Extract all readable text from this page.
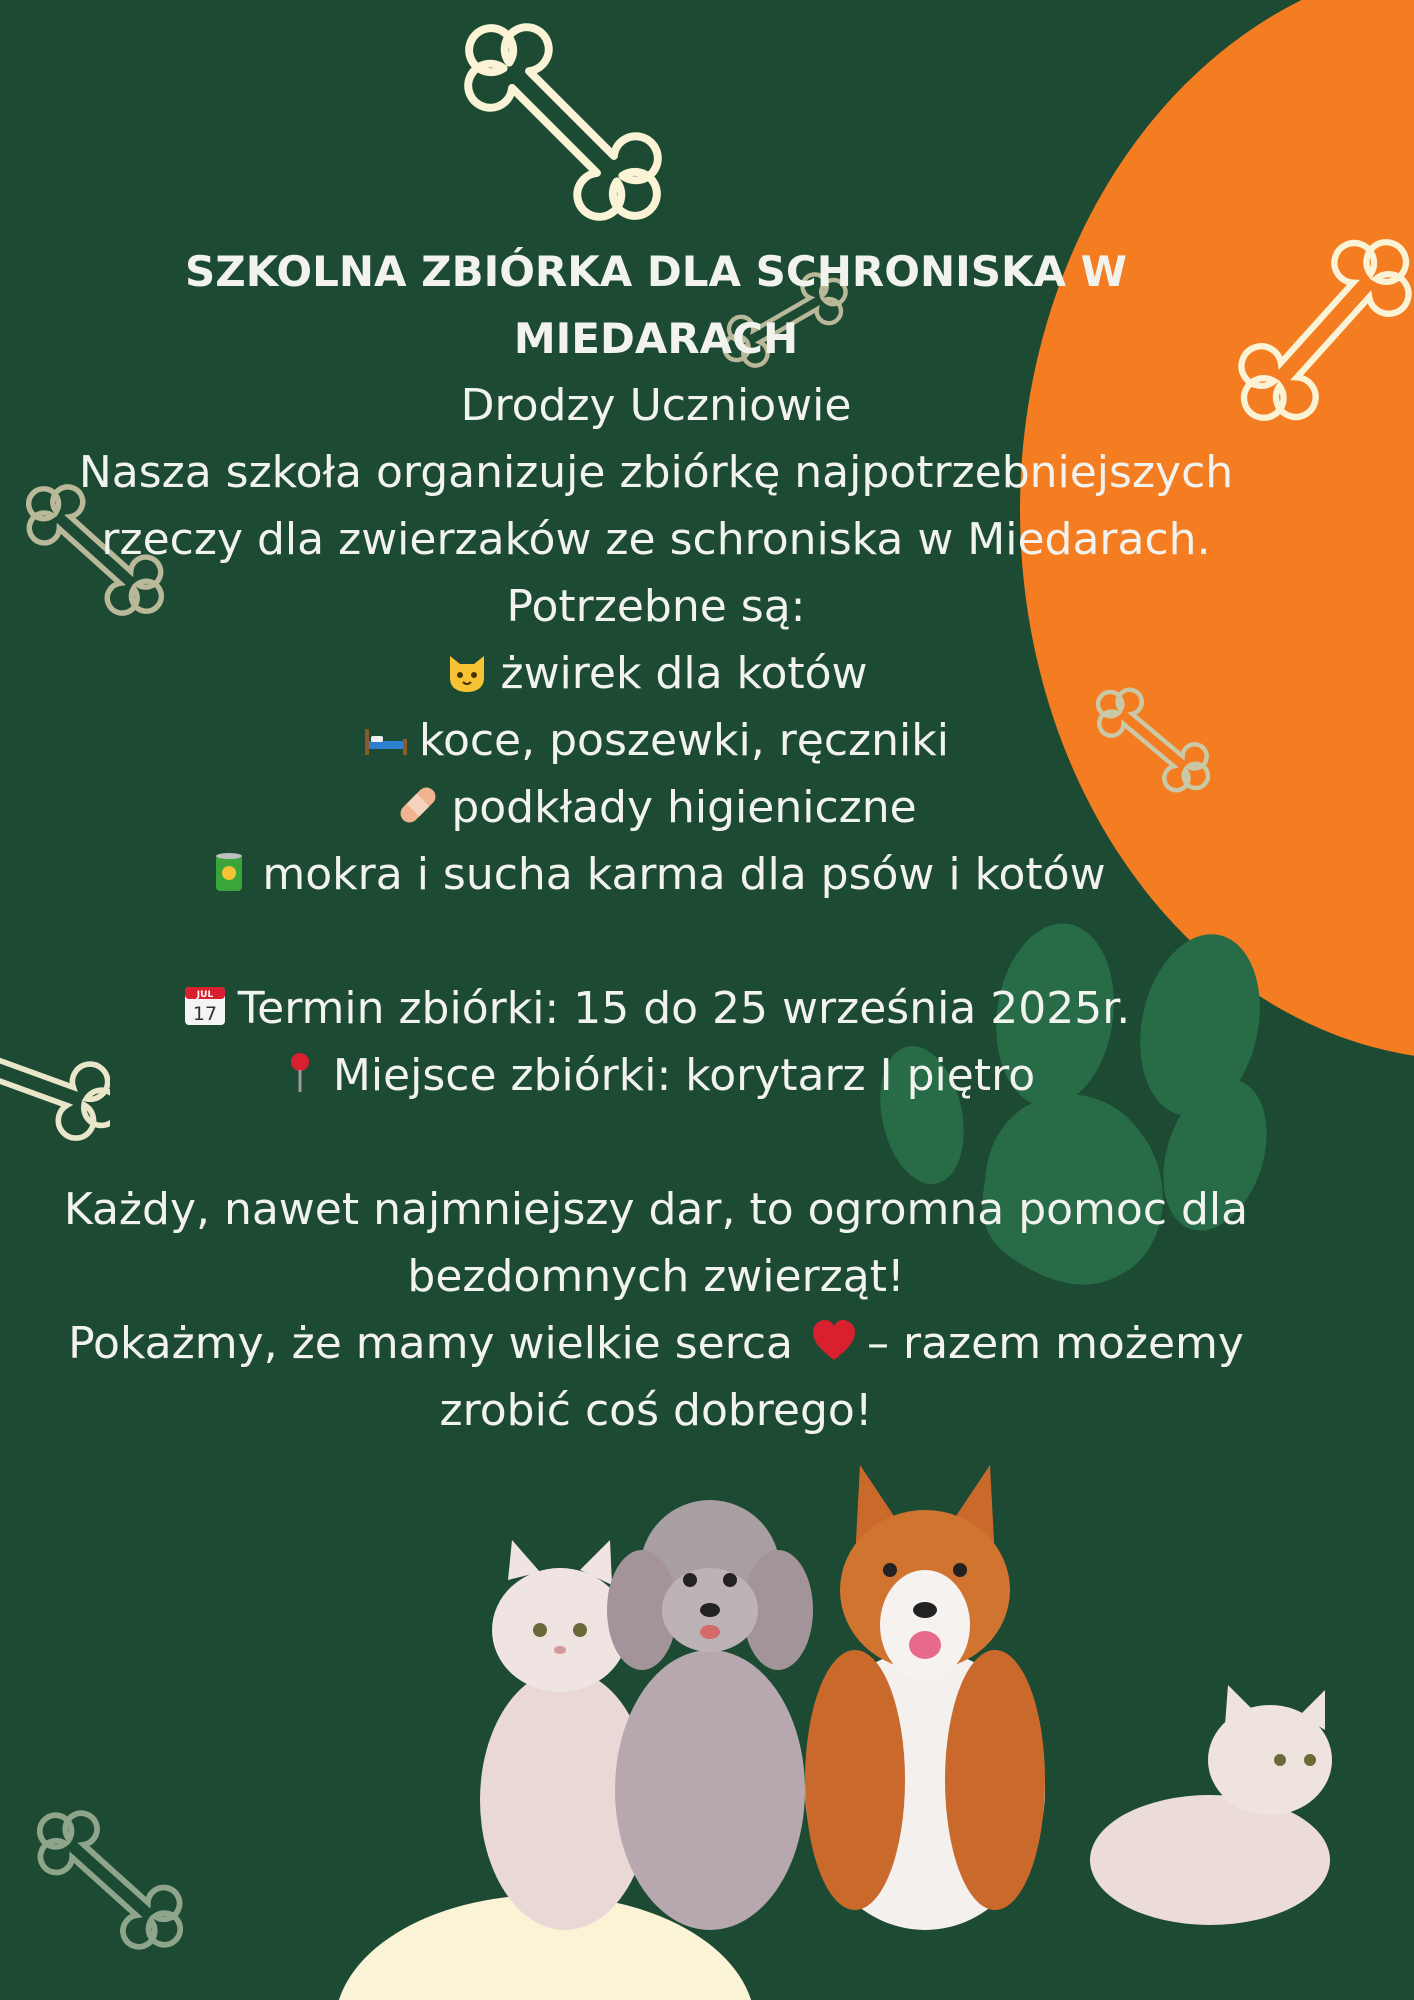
SZKOLNA ZBIÓRKA DLA SCHRONISKA W MIEDARACH
Drodzy Uczniowie
Nasza szkoła organizuje zbiórkę najpotrzebniejszych
rzeczy dla zwierzaków ze schroniska w Miedarach.
Potrzebne są:
żwirek dla kotów
koce, poszewki, ręczniki
podkłady higieniczne
mokra i sucha karma dla psów i kotów
JUL
17 Termin zbiórki: 15 do 25 września 2025r.
Miejsce zbiórki: korytarz I piętro
Każdy, nawet najmniejszy dar, to ogromna pomoc dla
bezdomnych zwierząt!
Pokażmy, że mamy wielkie serca – razem możemy
zrobić coś dobrego!
